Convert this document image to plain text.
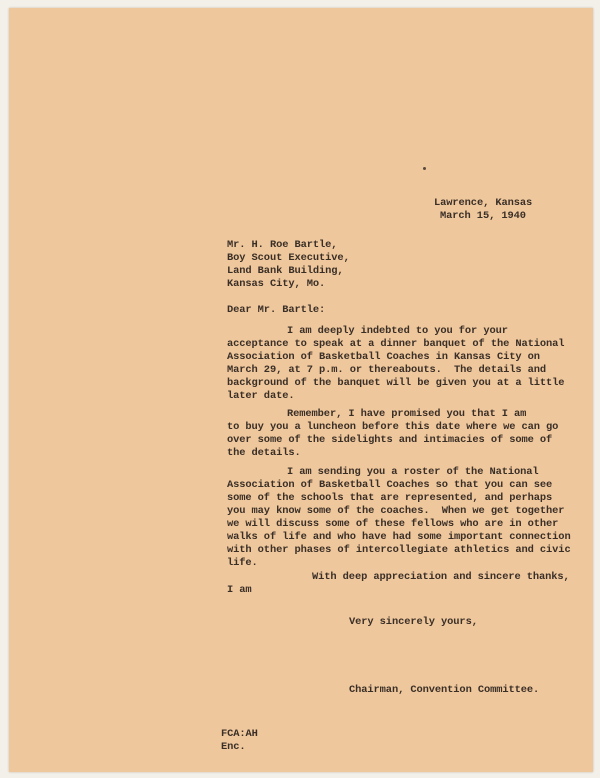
Lawrence, Kansas
March 15, 1940
Mr. H. Roe Bartle,
Boy Scout Executive,
Land Bank Building,
Kansas City, Mo.
Dear Mr. Bartle:
I am deeply indebted to you for your
acceptance to speak at a dinner banquet of the National
Association of Basketball Coaches in Kansas City on
March 29, at 7 p.m. or thereabouts.  The details and
background of the banquet will be given you at a little
later date.
Remember, I have promised you that I am
to buy you a luncheon before this date where we can go
over some of the sidelights and intimacies of some of
the details.
I am sending you a roster of the National
Association of Basketball Coaches so that you can see
some of the schools that are represented, and perhaps
you may know some of the coaches.  When we get together
we will discuss some of these fellows who are in other
walks of life and who have had some important connection
with other phases of intercollegiate athletics and civic
life.
With deep appreciation and sincere thanks,
I am
Very sincerely yours,
Chairman, Convention Committee.
FCA:AH
Enc.
